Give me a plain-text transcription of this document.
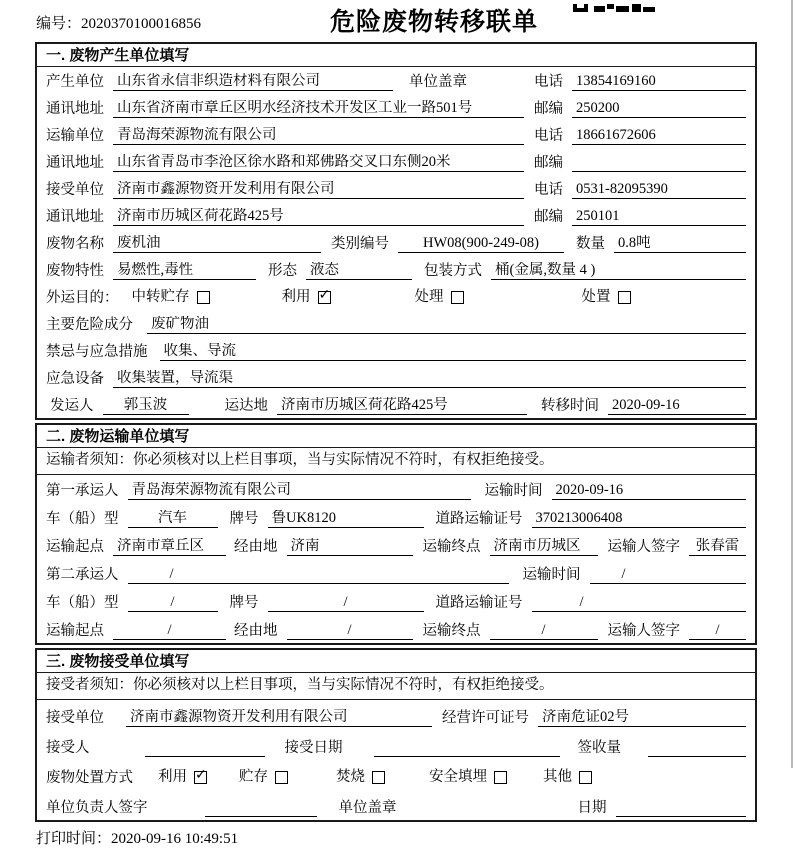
编号：2020370100016856	危险废物转移联单
一. 废物产生单位填写
产生单位 山东省永信非织造材料有限公司	单位盖章	电话 13854169160
通讯地址 山东省济南市章丘区明水经济技术开发区工业一路501号	邮编 250200
运输单位 青岛海荣源物流有限公司	电话 18661672606
通讯地址 山东省青岛市李沧区徐水路和郑佛路交叉口东侧20米	邮编
接受单位 济南市鑫源物资开发利用有限公司	电话 0531-82095390
通讯地址 济南市历城区荷花路425号	邮编 250101
废物名称 废机油	类别编号	HW08(900-249-08)	数量 0.8吨
废物特性 易燃性,毒性	形态 液态	包装方式 桶(金属,数量 4 )
外运目的： 中转贮存	利用 ✓	处理	处置
主要危险成分 废矿物油
禁忌与应急措施 收集、导流
应急设备 收集装置，导流渠
发运人	郭玉波	运达地 济南市历城区荷花路425号	转移时间 2020-09-16
二. 废物运输单位填写
运输者须知：你必须核对以上栏目事项，当与实际情况不符时，有权拒绝接受。
第一承运人 青岛海荣源物流有限公司	运输时间 2020-09-16
车（船）型	汽车	牌号 鲁UK8120	道路运输证号 370213006408
运输起点 济南市章丘区	经由地 济南	运输终点 济南市历城区	运输人签字	张春雷
第二承运人	/	运输时间	/
车（船）型	/	牌号	/	道路运输证号	/
运输起点	/	经由地	/	运输终点	/	运输人签字	/
三. 废物接受单位填写
接受者须知：你必须核对以上栏目事项，当与实际情况不符时，有权拒绝接受。
接受单位 济南市鑫源物资开发利用有限公司	经营许可证号 济南危证02号
接受人	接受日期	签收量
废物处置方式 利用 ✓	贮存	焚烧	安全填埋	其他
单位负责人签字	单位盖章	日期
打印时间：2020-09-16 10:49:51
